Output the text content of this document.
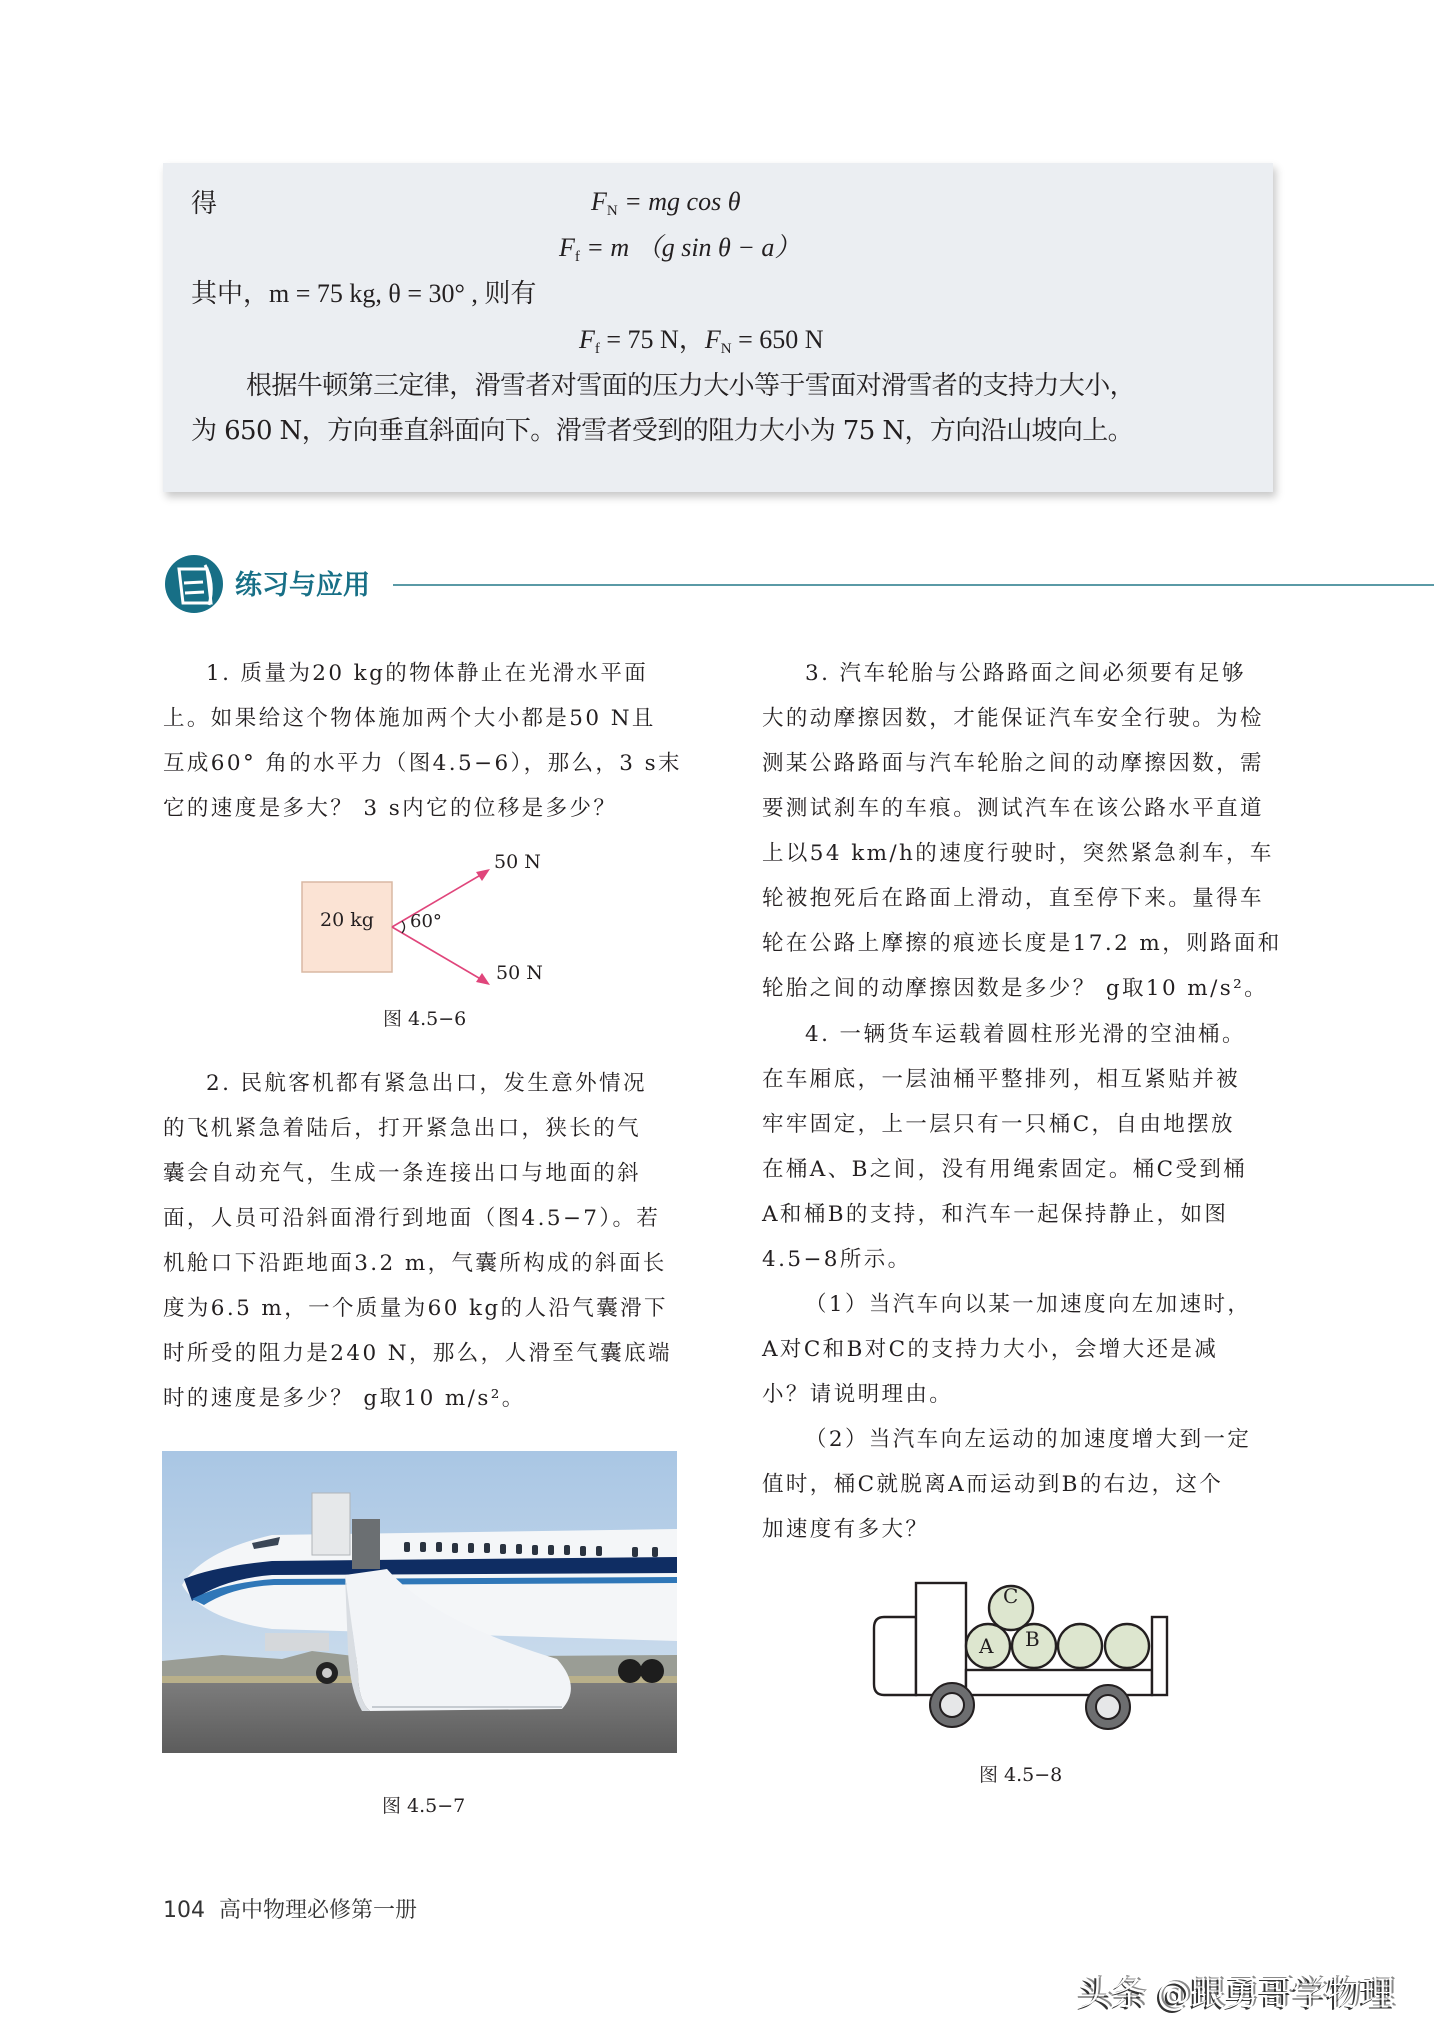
得	$F_N$ = mg cos θ
$F_f = m$ （g sin θ − a）
其中，m = 75 kg, θ = 30° , 则有
$F_f = 75$ N，$F_N = 650$ N
根据牛顿第三定律，滑雪者对雪面的压力大小等于雪面对滑雪者的支持力大小，
为 650 N，方向垂直斜面向下。滑雪者受到的阻力大小为 75 N，方向沿山坡向上。
练习与应用
1. 质量为20 kg的物体静止在光滑水平面
上。如果给这个物体施加两个大小都是50 N且
互成60° 角的水平力（图4.5−6），那么，3 s末
它的速度是多大？ 3 s内它的位移是多少？
20 kg 60°
50 N
50 N
图 4.5−6
2. 民航客机都有紧急出口，发生意外情况
的飞机紧急着陆后，打开紧急出口，狭长的气
囊会自动充气，生成一条连接出口与地面的斜
面，人员可沿斜面滑行到地面（图4.5−7）。若
机舱口下沿距地面3.2 m，气囊所构成的斜面长
度为6.5 m，一个质量为60 kg的人沿气囊滑下
时所受的阻力是240 N，那么，人滑至气囊底端
时的速度是多少？ g取10 m/s²。
图 4.5−7
3. 汽车轮胎与公路路面之间必须要有足够
大的动摩擦因数，才能保证汽车安全行驶。为检
测某公路路面与汽车轮胎之间的动摩擦因数，需
要测试刹车的车痕。测试汽车在该公路水平直道
上以54 km/h的速度行驶时，突然紧急刹车，车
轮被抱死后在路面上滑动，直至停下来。量得车
轮在公路上摩擦的痕迹长度是17.2 m，则路面和
轮胎之间的动摩擦因数是多少？ g取10 m/s²。
4. 一辆货车运载着圆柱形光滑的空油桶。
在车厢底，一层油桶平整排列，相互紧贴并被
牢牢固定，上一层只有一只桶C，自由地摆放
在桶A、B之间，没有用绳索固定。桶C受到桶
A和桶B的支持，和汽车一起保持静止，如图
4.5−8所示。
（1）当汽车向以某一加速度向左加速时，
A对C和B对C的支持力大小，会增大还是减
小？请说明理由。
（2）当汽车向左运动的加速度增大到一定
值时，桶C就脱离A而运动到B的右边，这个
加速度有多大？
A B
C
图 4.5−8
104 高中物理必修第一册
头条 @跟勇哥学物理
